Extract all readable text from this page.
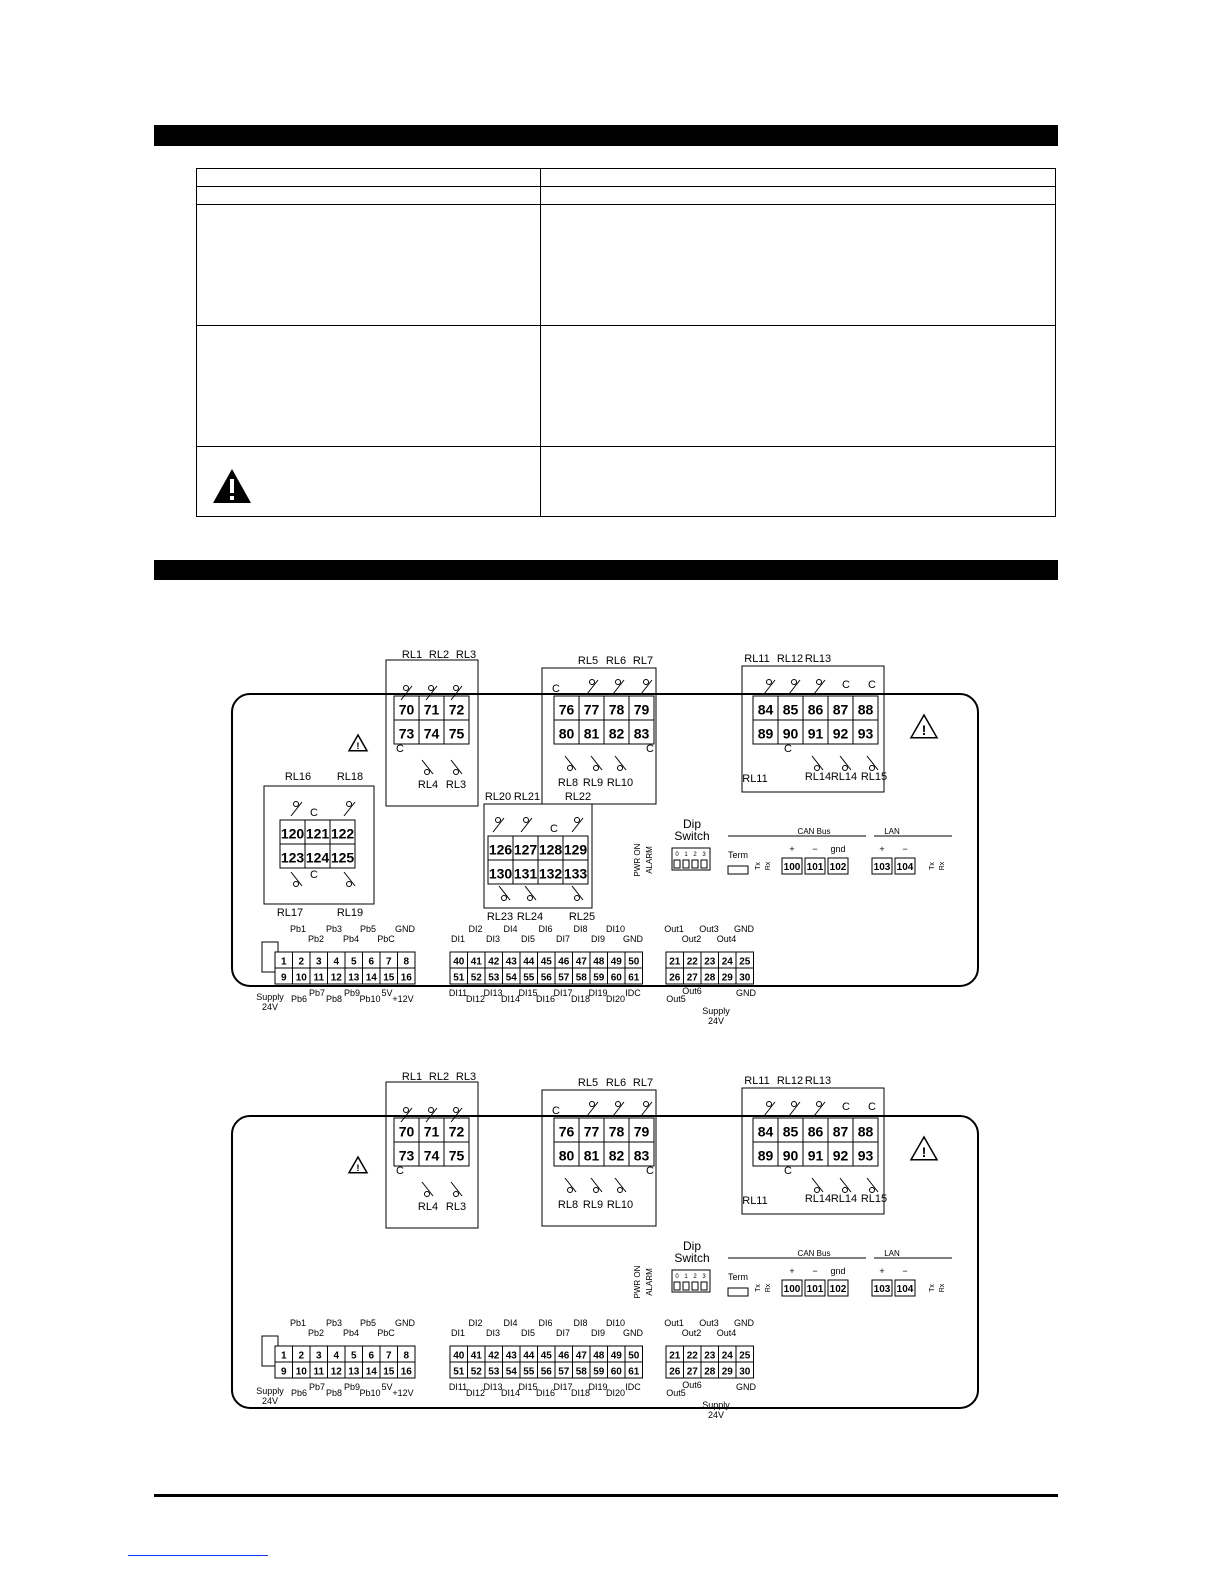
70 71 72
73 74 75
RL1 RL2 RL3
C
RL4 RL3
76 77 78 79
80 81 82 83
RL5 RL6 RL7
C
C
RL8 RL9 RL10
84 85 86 87 88
89 90 91 92 93
RL11 RL12 RL13
C C
C
RL11	RL14 RL14 RL15
!
!
120 121 122
123 124 125
RL16 RL18
C
C
RL17	RL19
126 127 128 129
130 131 132 133
RL20 RL21 RL22
C
RL23 RL24 RL25
1 2 3 4 5 6 7 8
9 10 11 12 13 14 15 16
Pb1
Pb2
Pb3
Pb4
Pb5
PbC
GND
Supply
24V
Pb6
Pb7
Pb8
Pb9
Pb10
5V
+12V
40 41 42 43 44 45 46 47 48 49 50
51 52 53 54 55 56 57 58 59 60 61
DI1
DI2
DI3
DI4
DI5
DI6
DI7
DI8
DI9
DI10
GND
DI11
DI12
DI13
DI14
DI15
DI16
DI17
DI18
DI19
DI20
IDC
21 22 23 24 25
26 27 28 29 30
Out1
Out2
Out3
Out4
GND
Out5
Out6
Supply
24V
GND
Dip
Switch
0 1 2 3
PWR ON ALARM	Term
Tx Rx
CAN Bus
100
+
101
−
102
gnd
LAN
103
+
104
−
Tx Rx
70 71 72
73 74 75
RL1 RL2 RL3
C
RL4 RL3
76 77 78 79
80 81 82 83
RL5 RL6 RL7
C
C
RL8 RL9 RL10
84 85 86 87 88
89 90 91 92 93
RL11 RL12 RL13
C C
C
RL11	RL14 RL14 RL15
!
!
1 2 3 4 5 6 7 8
9 10 11 12 13 14 15 16
Pb1
Pb2
Pb3
Pb4
Pb5
PbC
GND
Supply
24V
Pb6
Pb7
Pb8
Pb9
Pb10
5V
+12V
40 41 42 43 44 45 46 47 48 49 50
51 52 53 54 55 56 57 58 59 60 61
DI1
DI2
DI3
DI4
DI5
DI6
DI7
DI8
DI9
DI10
GND
DI11
DI12
DI13
DI14
DI15
DI16
DI17
DI18
DI19
DI20
IDC
21 22 23 24 25
26 27 28 29 30
Out1
Out2
Out3
Out4
GND
Out5
Out6
Supply
24V
GND
Dip
Switch
0 1 2 3
PWR ON ALARM	Term
Tx Rx
CAN Bus
100
+
101
−
102
gnd
LAN
103
+
104
−
Tx Rx
